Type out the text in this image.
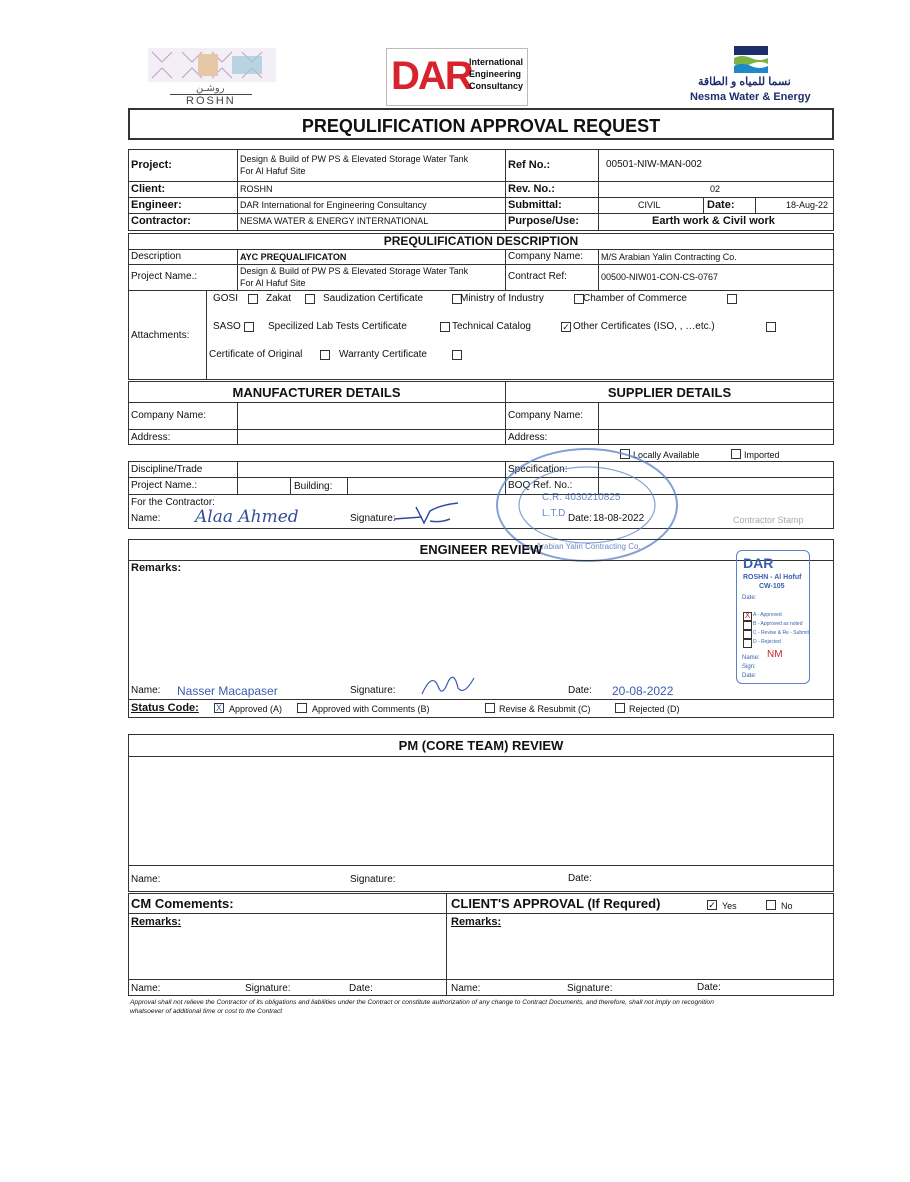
روشـن
ROSHN
DAR
International
Engineering
Consultancy	نسما للمياه و الطاقة
Nesma Water & Energy
PREQULIFICATION APPROVAL REQUEST
Project:	Design & Build of PW PS & Elevated Storage Water Tank
For Al Hafuf Site	Ref No.:	00501-NIW-MAN-002
Client:	ROSHN	Rev. No.:	02
Engineer:	DAR International for Engineering Consultancy	Submittal:	CIVIL	Date:	18-Aug-22
Contractor:	NESMA WATER & ENERGY INTERNATIONAL	Purpose/Use:	Earth work & Civil work
PREQULIFICATION DESCRIPTION
Description	AYC PREQUALIFICATON	Company Name: M/S Arabian Yalin Contracting Co.
Project Name.:	Design & Build of PW PS & Elevated Storage Water Tank
For Al Hafuf Site
Contract Ref:	00500-NIW01-CON-CS-0767
Attachments:
GOSI	Zakat	Saudization Certificate	Ministry of Industry	Chamber of Commerce
SASO	Specilized Lab Tests Certificate	Technical Catalog	✓ Other Certificates (ISO, , …etc.)
Certificate of Original	Warranty Certificate
MANUFACTURER DETAILS	SUPPLIER DETAILS
Company Name:
Address:
Company Name:
Address:
Locally Available	Imported
Discipline/Trade	Specification:
Project Name.:	Building:	BOQ Ref. No.:
For the Contractor:
Name: Alaa Ahmed	Signature:	Date: 18-08-2022	Contractor Stamp
C.R. 4030210825
L.T.D
Arabian Yalin Contracting Co.
ENGINEER REVIEW
Remarks:
Name: Nasser Macapaser	Signature:	Date: 20-08-2022
Status Code: X Approved (A)	Approved with Comments (B)	Revise & Resubmit (C)	Rejected (D)
DAR
ROSHN - Al Hofuf
CW-105
Date:
X A - Approved
B - Approved as noted
C - Revise & Re - Submit
D - Rejected
NM
Name:
Sign:
Date:
PM (CORE TEAM) REVIEW
Name:	Signature:	Date:
CM Comements:
Remarks:
Name:	Signature:	Date:
CLIENT'S APPROVAL (If Requred)	✓ Yes	No
Remarks:
Name:	Signature:	Date:
Approval shall not relieve the Contractor of its obligations and liabilities under the Contract or constitute authorization of any change to Contract Documents, and therefore, shall not imply on recognition
whatsoever of additional time or cost to the Contract
